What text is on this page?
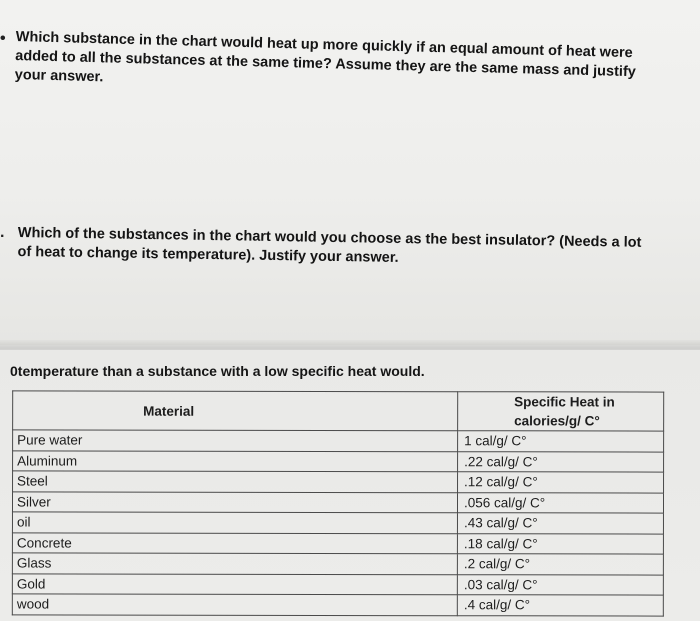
• Which substance in the chart would heat up more quickly if an equal amount of heat were added to all the substances at the same time? Assume they are the same mass and justify your answer.
. Which of the substances in the chart would you choose as the best insulator? (Needs a lot of heat to change its temperature). Justify your answer.
0temperature than a substance with a low specific heat would.
Material	Specific Heat in calories/g/ C°
Pure water	1 cal/g/ C°
Aluminum	.22 cal/g/ C°
Steel	.12 cal/g/ C°
Silver	.056 cal/g/ C°
oil	.43 cal/g/ C°
Concrete	.18 cal/g/ C°
Glass	.2 cal/g/ C°
Gold	.03 cal/g/ C°
wood	.4 cal/g/ C°
